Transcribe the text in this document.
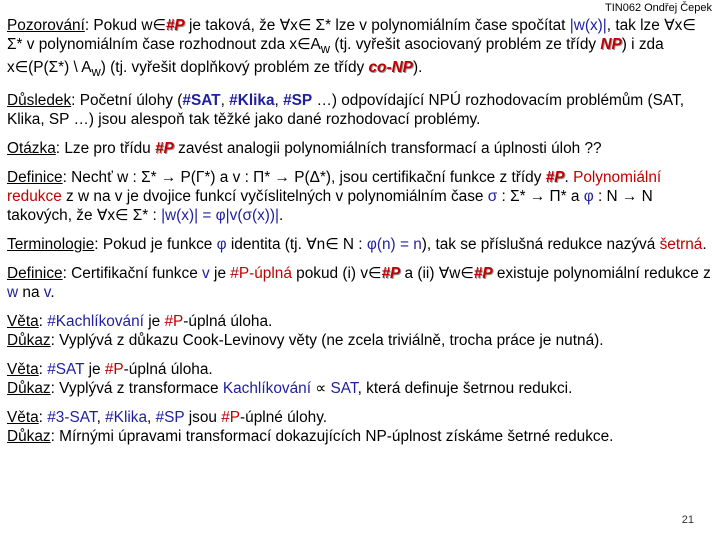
TIN062 Ondřej Čepek

Pozorování: Pokud w∈#P je taková, že ∀x∈ Σ* lze v polynomiálním čase spočítat |w(x)|, tak lze ∀x∈ Σ* v polynomiálním čase rozhodnout zda $x\in A_w$ (tj. vyřešit asociovaný problém ze třídy NP) i zda x∈(P(Σ*) \ $A_w$) (tj. vyřešit doplňkový problém ze třídy co-NP).

Důsledek: Početní úlohy (#SAT, #Klika, #SP …) odpovídající NPÚ rozhodovacím problémům (SAT, Klika, SP …) jsou alespoň tak těžké jako dané rozhodovací problémy.

Otázka: Lze pro třídu #P zavést analogii polynomiálních transformací a úplnosti úloh ??

Definice: Nechť w : Σ* → P(Γ*) a v : Π* → P(Δ*), jsou certifikační funkce z třídy #P. Polynomiální redukce z w na v je dvojice funkcí vyčíslitelných v polynomiálním čase σ : Σ* → Π* a φ : N → N takových, že ∀x∈ Σ* : |w(x)| = φ|v(σ(x))|.

Terminologie: Pokud je funkce φ identita (tj. ∀n∈ N : φ(n) = n), tak se příslušná redukce nazývá šetrná.

Definice: Certifikační funkce v je #P-úplná pokud (i) v∈#P a (ii) ∀w∈#P existuje polynomiální redukce z w na v.

Věta: #Kachlíkování je #P-úplná úloha.
Důkaz: Vyplývá z důkazu Cook-Levinovy věty (ne zcela triviálně, trocha práce je nutná).

Věta: #SAT je #P-úplná úloha.
Důkaz: Vyplývá z transformace Kachlíkování ∝ SAT, která definuje šetrnou redukci.

Věta: #3-SAT, #Klika, #SP jsou #P-úplné úlohy.
Důkaz: Mírnými úpravami transformací dokazujících NP-úplnost získáme šetrné redukce.

21
